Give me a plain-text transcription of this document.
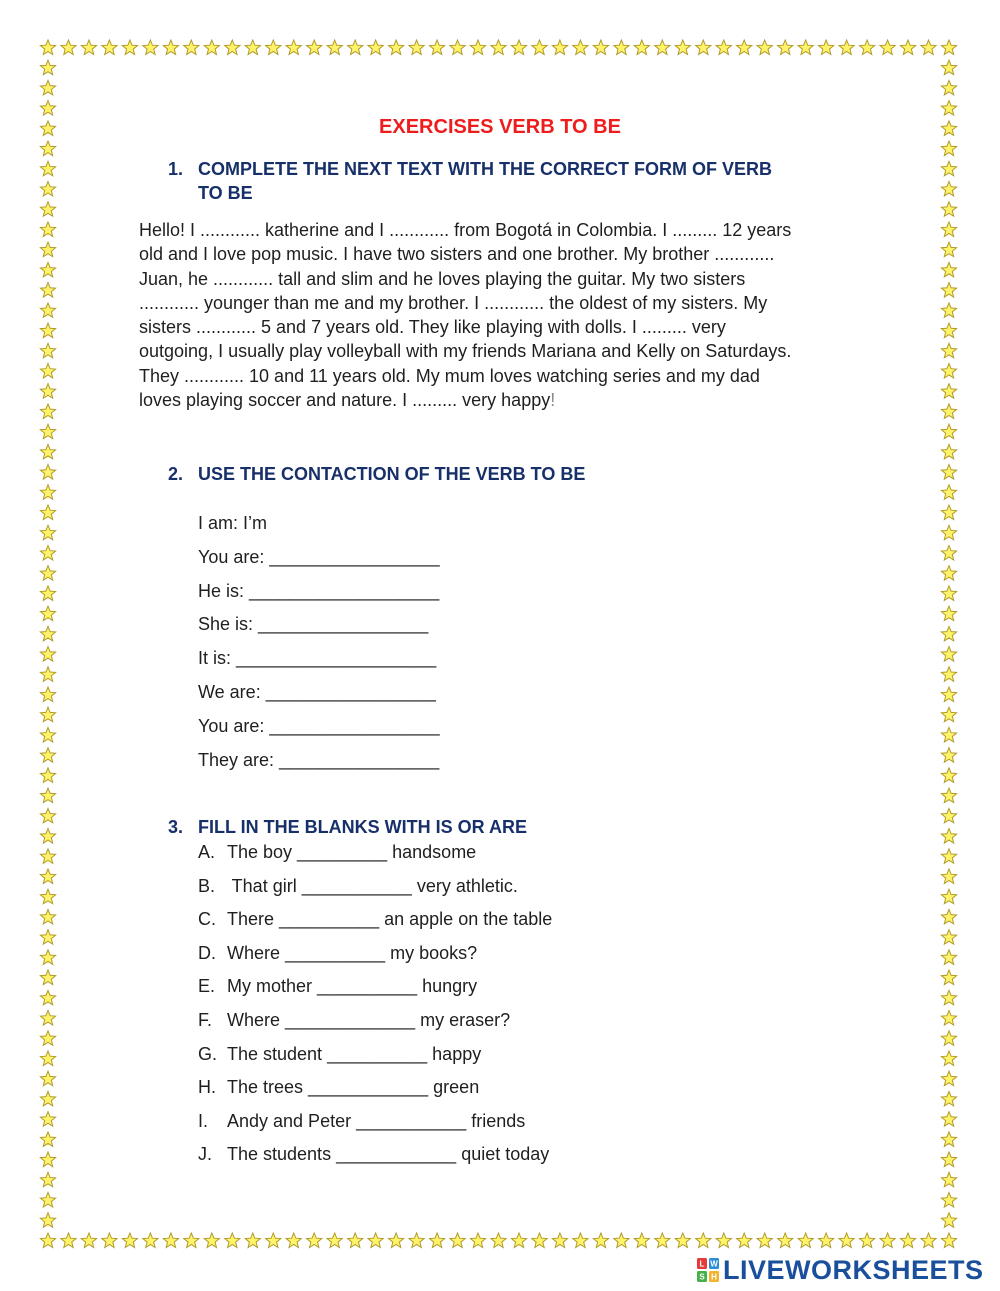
EXERCISES VERB TO BE
1. COMPLETE THE NEXT TEXT WITH THE CORRECT FORM OF VERB
TO BE
Hello! I ............ katherine and I ............ from Bogotá in Colombia. I ......... 12 years
old and I love pop music. I have two sisters and one brother. My brother ............
Juan, he ............ tall and slim and he loves playing the guitar. My two sisters
............ younger than me and my brother. I ............ the oldest of my sisters. My
sisters ............ 5 and 7 years old. They like playing with dolls. I ......... very
outgoing, I usually play volleyball with my friends Mariana and Kelly on Saturdays.
They ............ 10 and 11 years old. My mum loves watching series and my dad
loves playing soccer and nature. I ......... very happy!
2. USE THE CONTACTION OF THE VERB TO BE
I am: I’m
You are: _________________
He is: ___________________
She is: _________________
It is: ____________________
We are: _________________
You are: _________________
They are: ________________
3. FILL IN THE BLANKS WITH IS OR ARE
A. The boy _________ handsome
B. That girl ___________ very athletic.
C. There __________ an apple on the table
D. Where __________ my books?
E. My mother __________ hungry
F. Where _____________ my eraser?
G. The student __________ happy
H. The trees ____________ green
I. Andy and Peter ___________ friends
J. The students ____________ quiet today
L W
S H LIVEWORKSHEETS
